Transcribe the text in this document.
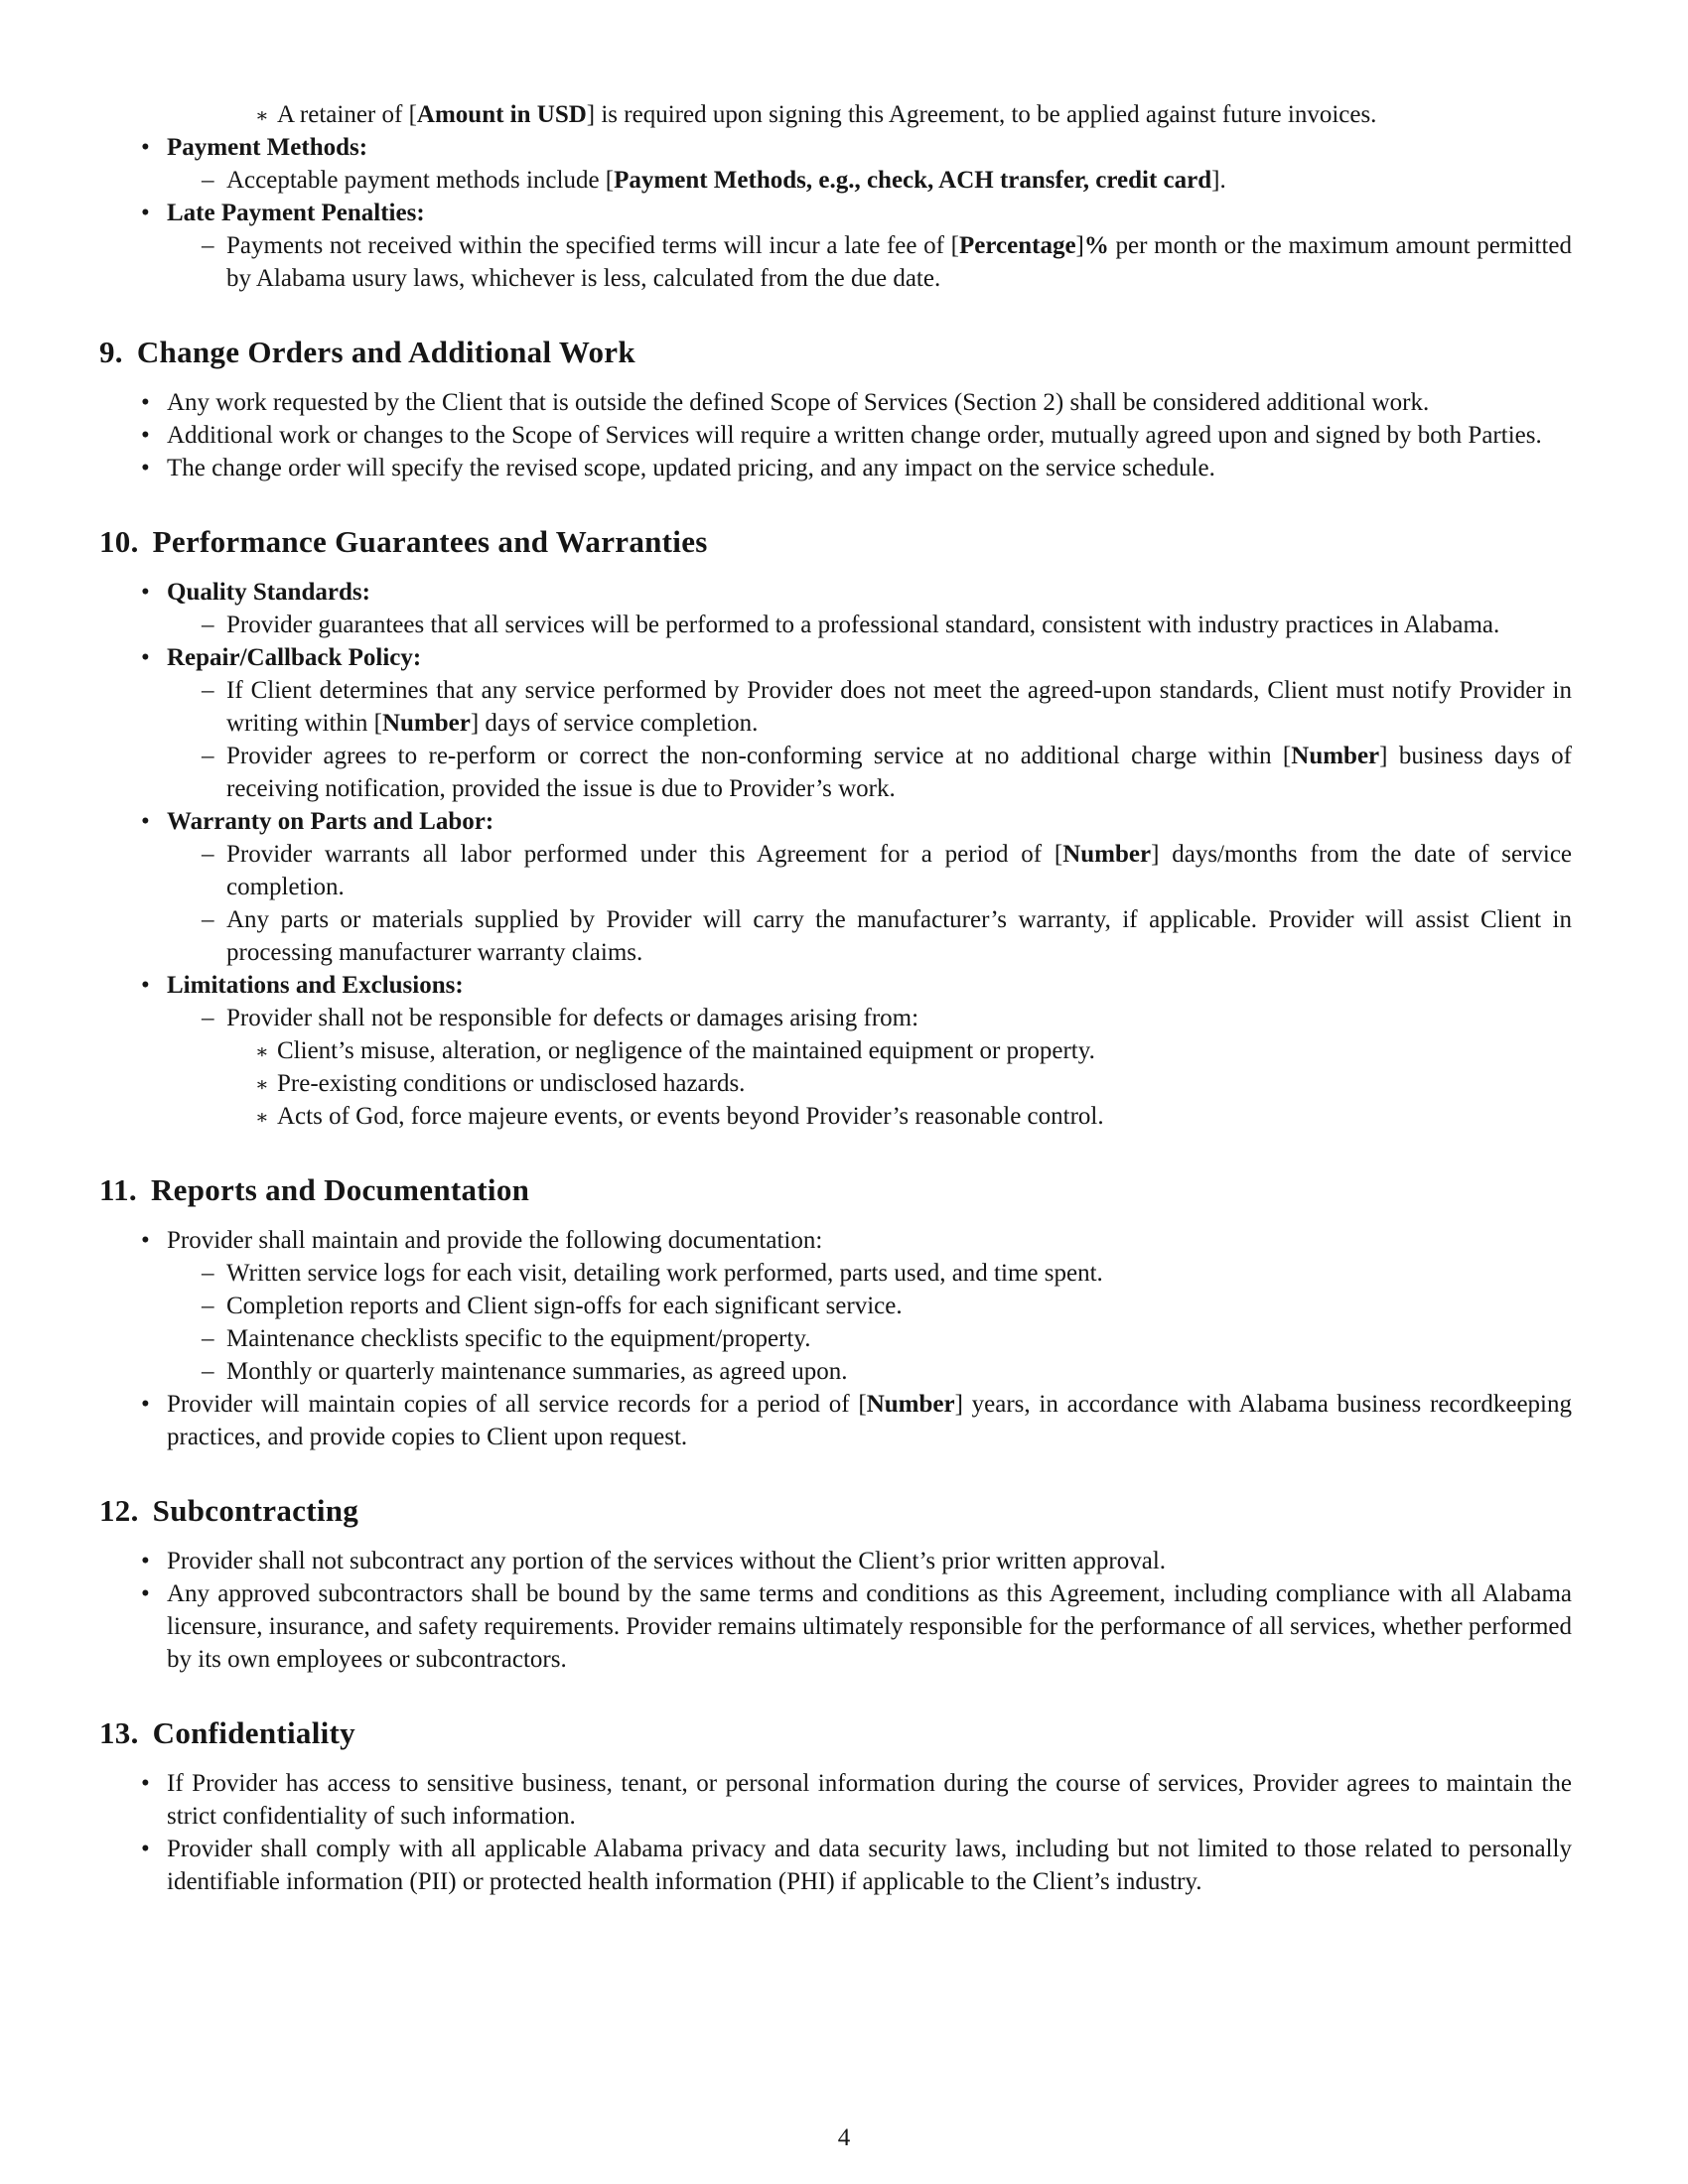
∗
A retainer of [Amount in USD] is required upon signing this Agreement, to be applied against future invoices.
•
Payment Methods:
–
Acceptable payment methods include [Payment Methods, e.g., check, ACH transfer, credit card].
•
Late Payment Penalties:
–
Payments not received within the specified terms will incur a late fee of [Percentage]% per month or the maximum amount permitted by Alabama usury laws, whichever is less, calculated from the due date.
9. Change Orders and Additional Work
•
Any work requested by the Client that is outside the defined Scope of Services (Section 2) shall be considered additional work.
•
Additional work or changes to the Scope of Services will require a written change order, mutually agreed upon and signed by both Parties.
•
The change order will specify the revised scope, updated pricing, and any impact on the service schedule.
10. Performance Guarantees and Warranties
•
Quality Standards:
–
Provider guarantees that all services will be performed to a professional standard, consistent with industry practices in Alabama.
•
Repair/Callback Policy:
–
If Client determines that any service performed by Provider does not meet the agreed-upon standards, Client must notify Provider in writing within [Number] days of service completion.
–
Provider agrees to re-perform or correct the non-conforming service at no additional charge within [Number] business days of receiving notification, provided the issue is due to Provider’s work.
•
Warranty on Parts and Labor:
–
Provider warrants all labor performed under this Agreement for a period of [Number] days/months from the date of service completion.
–
Any parts or materials supplied by Provider will carry the manufacturer’s warranty, if applicable. Provider will assist Client in processing manufacturer warranty claims.
•
Limitations and Exclusions:
–
Provider shall not be responsible for defects or damages arising from:
∗
Client’s misuse, alteration, or negligence of the maintained equipment or property.
∗
Pre-existing conditions or undisclosed hazards.
∗
Acts of God, force majeure events, or events beyond Provider’s reasonable control.
11. Reports and Documentation
•
Provider shall maintain and provide the following documentation:
–
Written service logs for each visit, detailing work performed, parts used, and time spent.
–
Completion reports and Client sign-offs for each significant service.
–
Maintenance checklists specific to the equipment/property.
–
Monthly or quarterly maintenance summaries, as agreed upon.
•
Provider will maintain copies of all service records for a period of [Number] years, in accordance with Alabama business recordkeeping practices, and provide copies to Client upon request.
12. Subcontracting
•
Provider shall not subcontract any portion of the services without the Client’s prior written approval.
•
Any approved subcontractors shall be bound by the same terms and conditions as this Agreement, including compliance with all Alabama licensure, insurance, and safety requirements. Provider remains ultimately responsible for the performance of all services, whether performed by its own employees or subcontractors.
13. Confidentiality
•
If Provider has access to sensitive business, tenant, or personal information during the course of services, Provider agrees to maintain the strict confidentiality of such information.
•
Provider shall comply with all applicable Alabama privacy and data security laws, including but not limited to those related to personally identifiable information (PII) or protected health information (PHI) if applicable to the Client’s industry.
4
